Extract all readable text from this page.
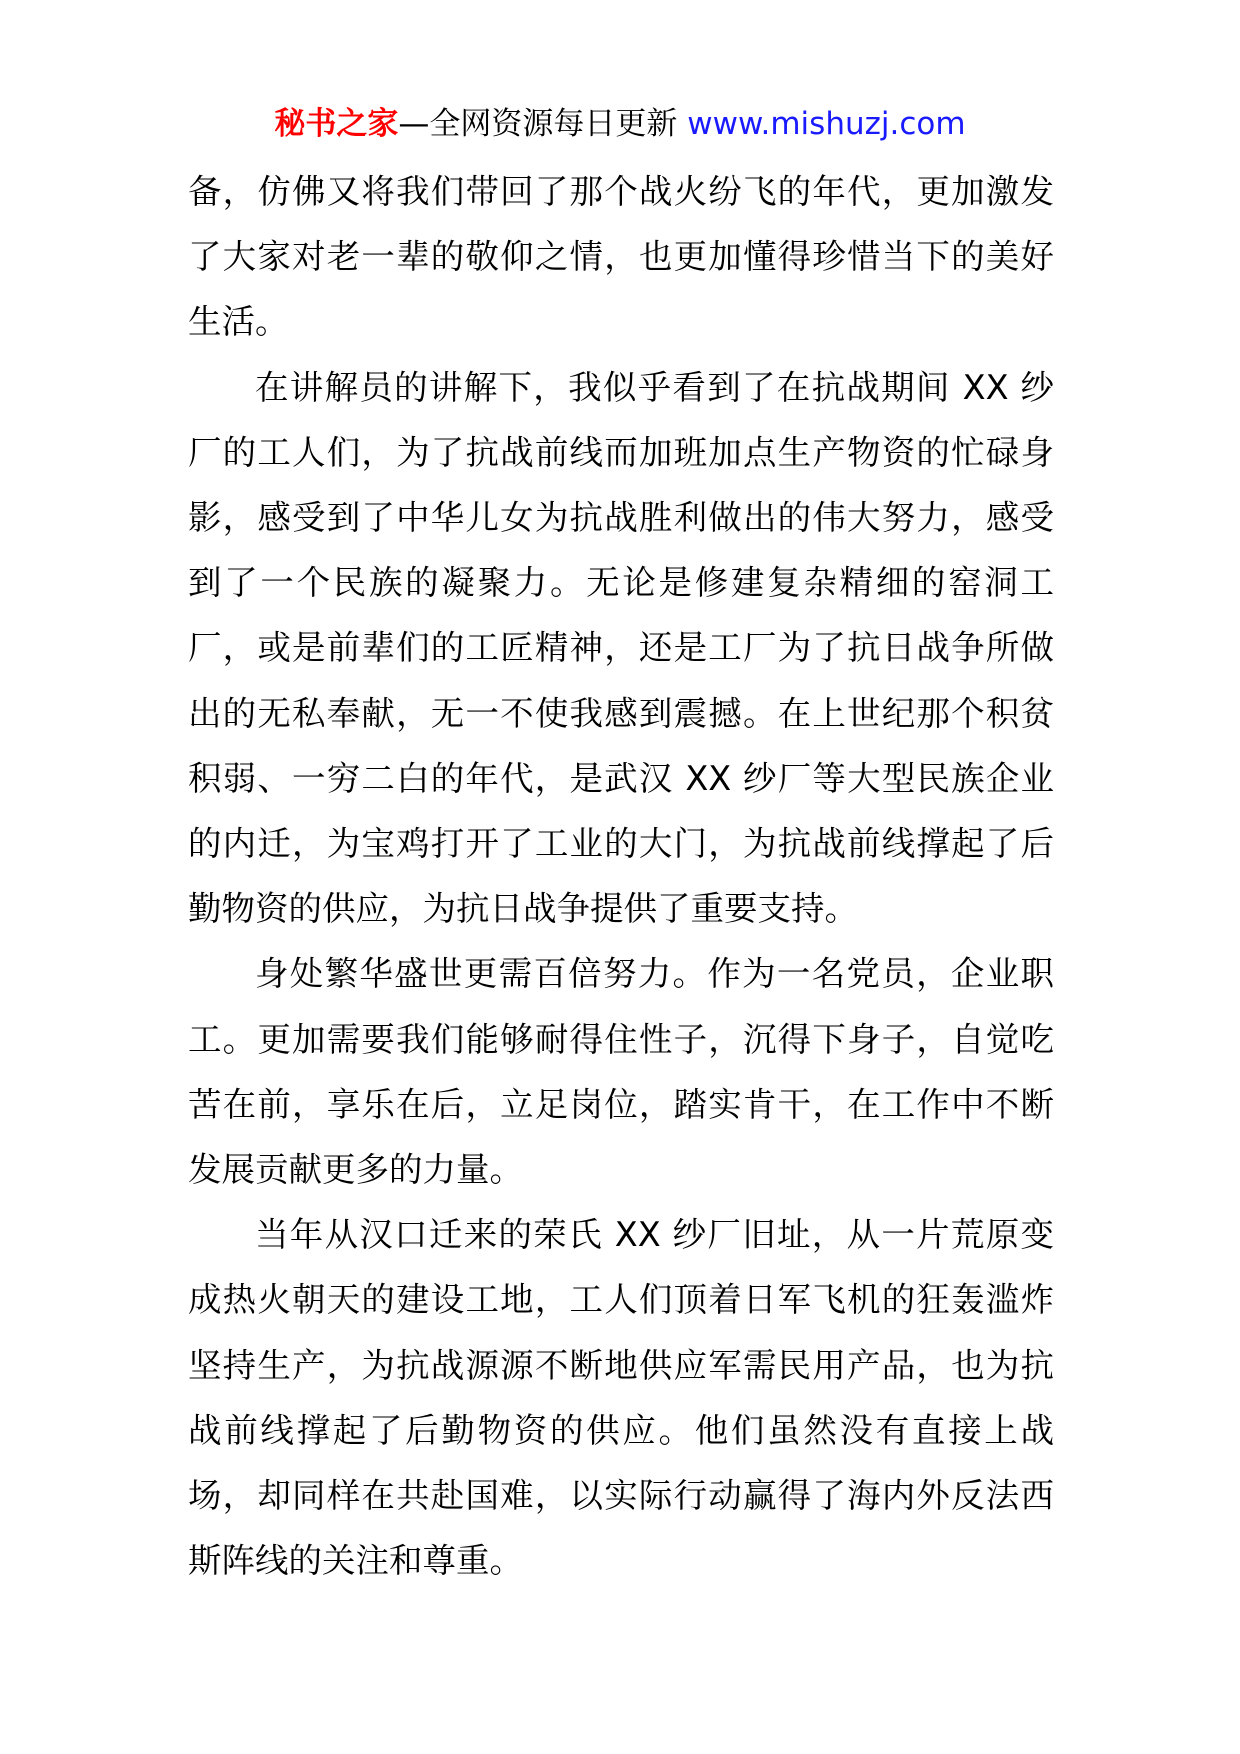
秘书之家—全网资源每日更新 www.mishuzj.com

备，仿佛又将我们带回了那个战火纷飞的年代，更加激发了大家对老一辈的敬仰之情，也更加懂得珍惜当下的美好生活。

在讲解员的讲解下，我似乎看到了在抗战期间 XX 纱厂的工人们，为了抗战前线而加班加点生产物资的忙碌身影，感受到了中华儿女为抗战胜利做出的伟大努力，感受到了一个民族的凝聚力。无论是修建复杂精细的窑洞工厂，或是前辈们的工匠精神，还是工厂为了抗日战争所做出的无私奉献，无一不使我感到震撼。在上世纪那个积贫积弱、一穷二白的年代，是武汉 XX 纱厂等大型民族企业的内迁，为宝鸡打开了工业的大门，为抗战前线撑起了后勤物资的供应，为抗日战争提供了重要支持。

身处繁华盛世更需百倍努力。作为一名党员，企业职工。更加需要我们能够耐得住性子，沉得下身子，自觉吃苦在前，享乐在后，立足岗位，踏实肯干，在工作中不断发展贡献更多的力量。

当年从汉口迁来的荣氏 XX 纱厂旧址，从一片荒原变成热火朝天的建设工地，工人们顶着日军飞机的狂轰滥炸坚持生产，为抗战源源不断地供应军需民用产品，也为抗战前线撑起了后勤物资的供应。他们虽然没有直接上战场，却同样在共赴国难，以实际行动赢得了海内外反法西斯阵线的关注和尊重。
